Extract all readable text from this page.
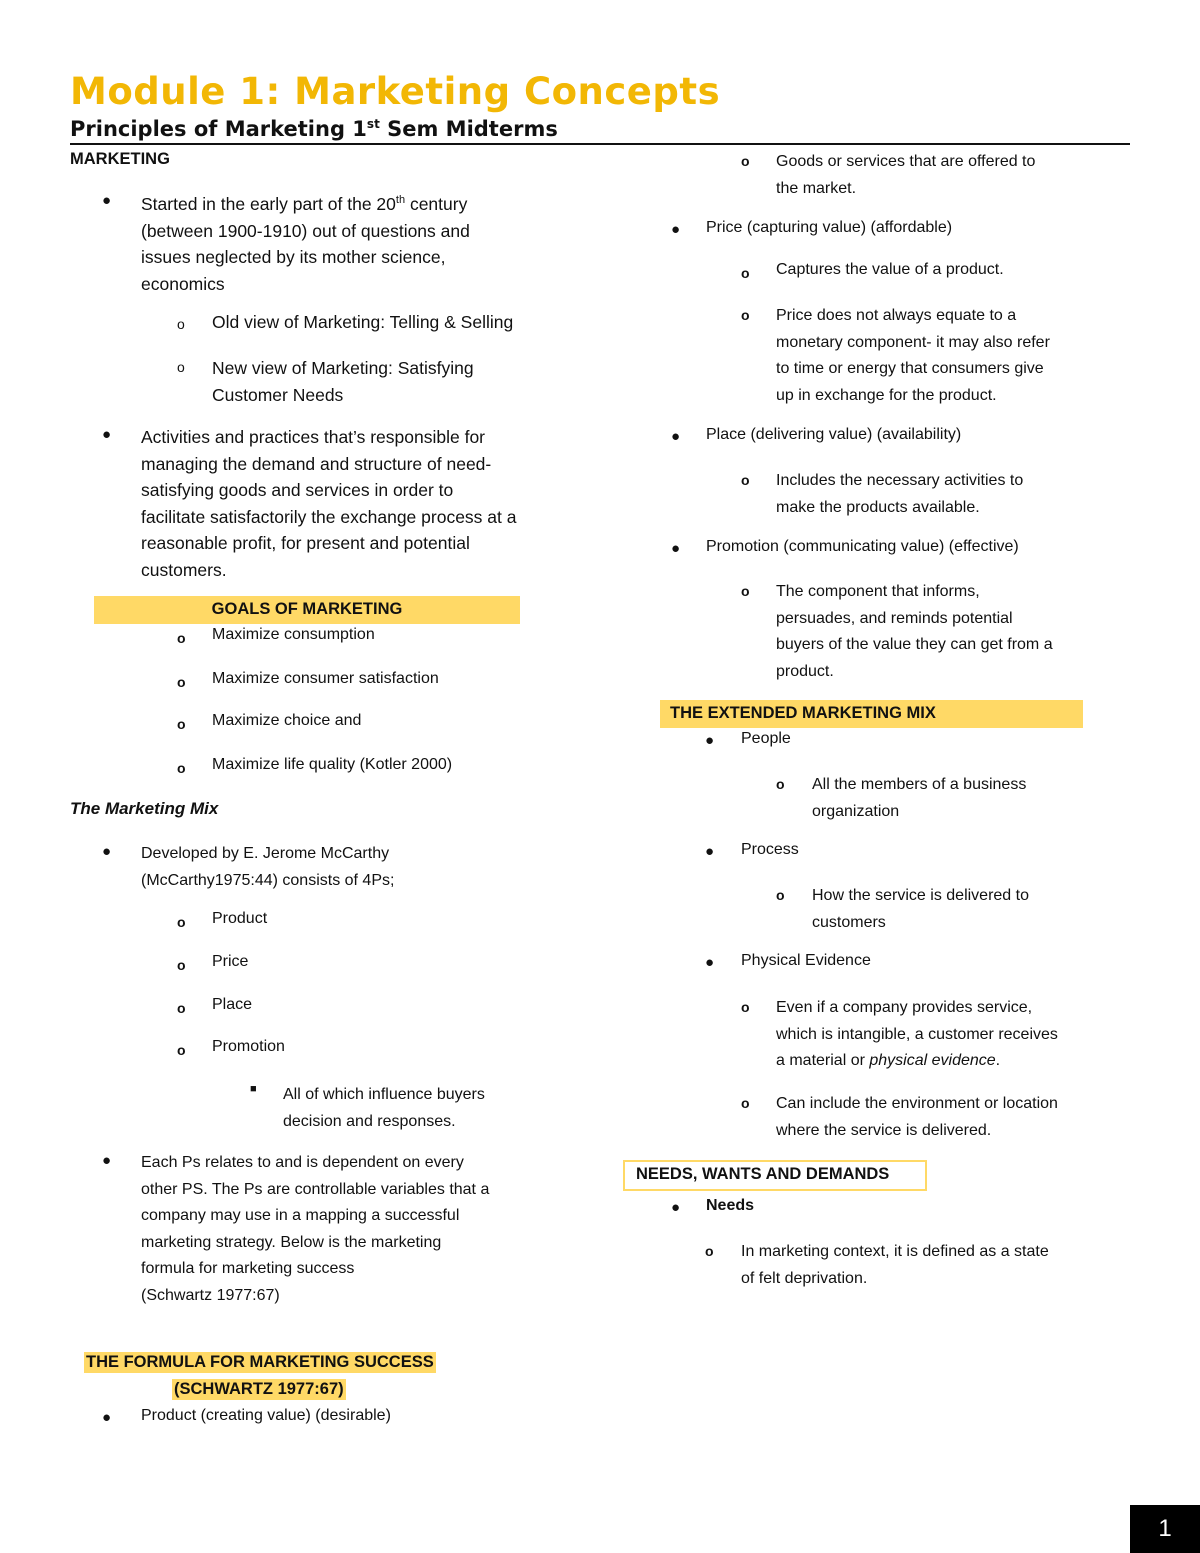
Module 1: Marketing Concepts
Principles of Marketing 1st Sem Midterms
MARKETING
● Started in the early part of the 20th century
(between 1900-1910) out of questions and
issues neglected by its mother science,
economics
o Old view of Marketing: Telling & Selling
o New view of Marketing: Satisfying
Customer Needs
● Activities and practices that’s responsible for
managing the demand and structure of need-
satisfying goods and services in order to
facilitate satisfactorily the exchange process at a
reasonable profit, for present and potential
customers.
GOALS OF MARKETING
o Maximize consumption
o Maximize consumer satisfaction
o Maximize choice and
o Maximize life quality (Kotler 2000)
The Marketing Mix
● Developed by E. Jerome McCarthy
(McCarthy1975:44) consists of 4Ps;
o Product
o Price
o Place
o Promotion
■ All of which influence buyers
decision and responses.
● Each Ps relates to and is dependent on every
other PS. The Ps are controllable variables that a
company may use in a mapping a successful
marketing strategy. Below is the marketing
formula for marketing success
(Schwartz 1977:67)
THE FORMULA FOR MARKETING SUCCESS
(SCHWARTZ 1977:67)
● Product (creating value) (desirable)
o Goods or services that are offered to
the market.
● Price (capturing value) (affordable)
o Captures the value of a product.
o Price does not always equate to a
monetary component- it may also refer
to time or energy that consumers give
up in exchange for the product.
● Place (delivering value) (availability)
o Includes the necessary activities to
make the products available.
● Promotion (communicating value) (effective)
o The component that informs,
persuades, and reminds potential
buyers of the value they can get from a
product.
THE EXTENDED MARKETING MIX
● People
o All the members of a business
organization
● Process
o How the service is delivered to
customers
● Physical Evidence
o Even if a company provides service,
which is intangible, a customer receives
a material or physical evidence.
o Can include the environment or location
where the service is delivered.
NEEDS, WANTS AND DEMANDS
● Needs
o In marketing context, it is defined as a state
of felt deprivation.
1
